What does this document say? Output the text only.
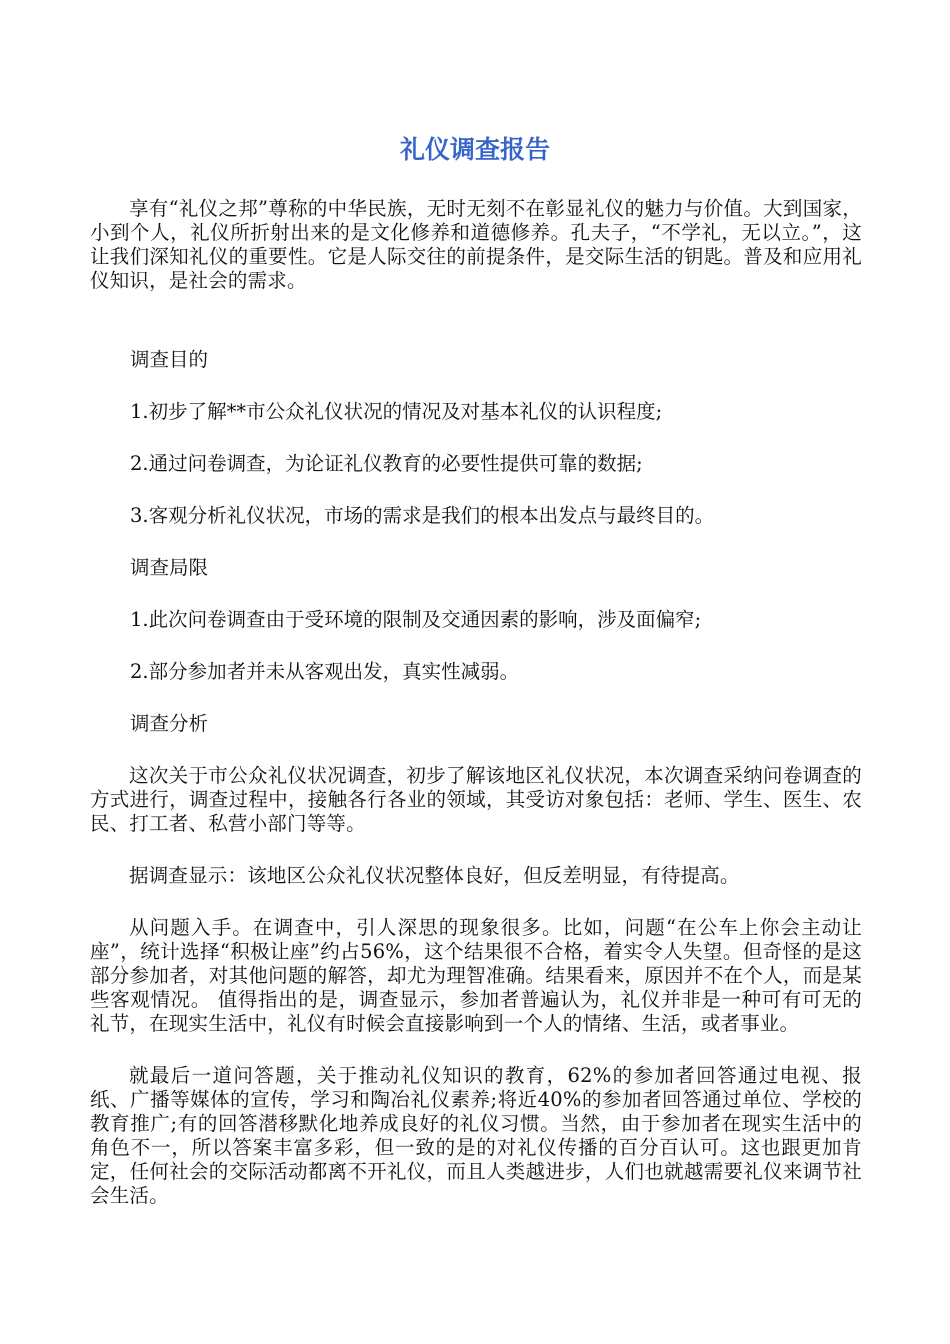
礼仪调查报告

享有“礼仪之邦”尊称的中华民族，无时无刻不在彰显礼仪的魅力与价值。大到国家，小到个人，礼仪所折射出来的是文化修养和道德修养。孔夫子，“不学礼，无以立。”，这让我们深知礼仪的重要性。它是人际交往的前提条件，是交际生活的钥匙。普及和应用礼仪知识，是社会的需求。

调查目的

1.初步了解**市公众礼仪状况的情况及对基本礼仪的认识程度;

2.通过问卷调查，为论证礼仪教育的必要性提供可靠的数据;

3.客观分析礼仪状况，市场的需求是我们的根本出发点与最终目的。

调查局限

1.此次问卷调查由于受环境的限制及交通因素的影响，涉及面偏窄;

2.部分参加者并未从客观出发，真实性减弱。

调查分析

这次关于市公众礼仪状况调查，初步了解该地区礼仪状况，本次调查采纳问卷调查的方式进行，调查过程中，接触各行各业的领域，其受访对象包括：老师、学生、医生、农民、打工者、私营小部门等等。

据调查显示：该地区公众礼仪状况整体良好，但反差明显，有待提高。

从问题入手。在调查中，引人深思的现象很多。比如，问题“在公车上你会主动让座”，统计选择“积极让座”约占56%，这个结果很不合格，着实令人失望。但奇怪的是这部分参加者，对其他问题的解答，却尤为理智准确。结果看来，原因并不在个人，而是某些客观情况。 值得指出的是，调查显示，参加者普遍认为，礼仪并非是一种可有可无的礼节，在现实生活中，礼仪有时候会直接影响到一个人的情绪、生活，或者事业。

就最后一道问答题，关于推动礼仪知识的教育，62%的参加者回答通过电视、报纸、广播等媒体的宣传，学习和陶冶礼仪素养;将近40%的参加者回答通过单位、学校的教育推广;有的回答潜移默化地养成良好的礼仪习惯。当然，由于参加者在现实生活中的角色不一，所以答案丰富多彩，但一致的是的对礼仪传播的百分百认可。这也跟更加肯定，任何社会的交际活动都离不开礼仪，而且人类越进步，人们也就越需要礼仪来调节社会生活。
